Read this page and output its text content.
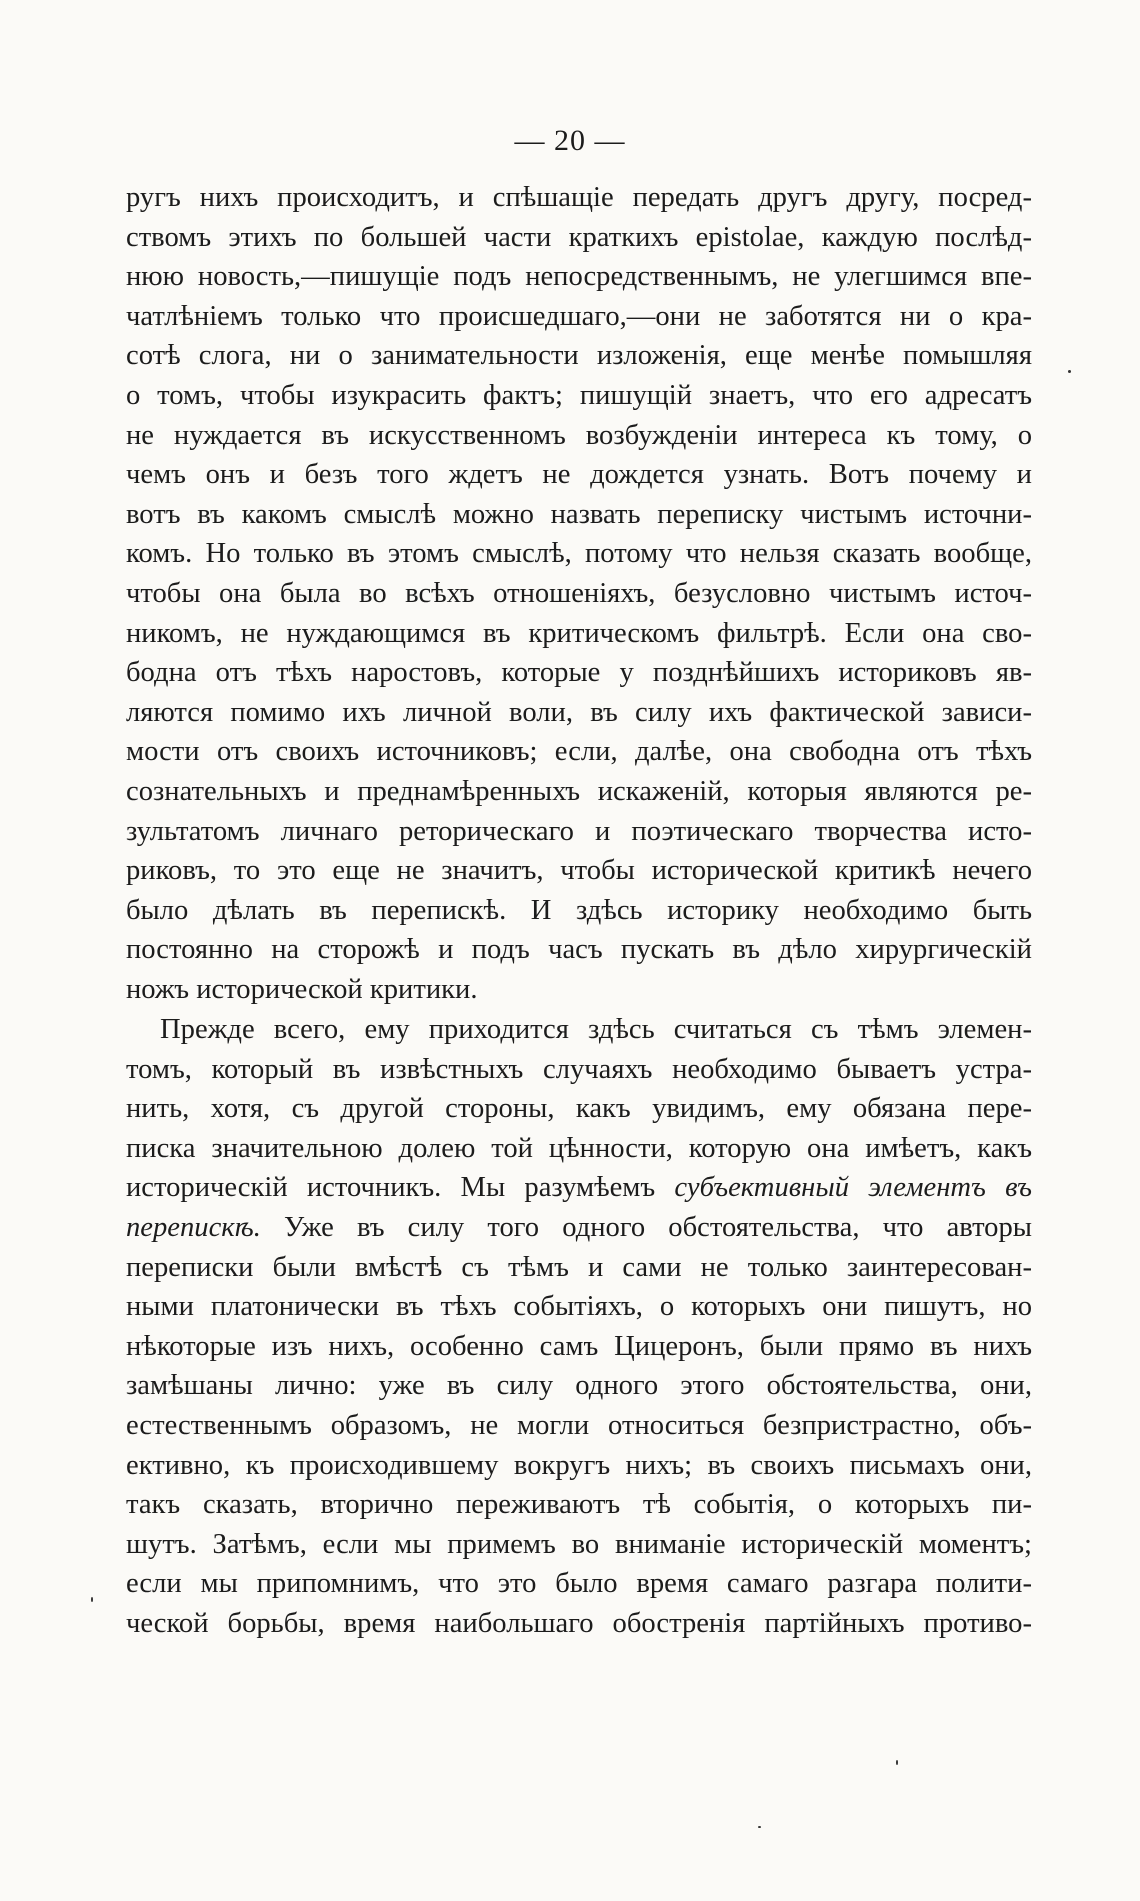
— 20 —
ругъ нихъ происходитъ, и спѣшащіе передать другъ другу, посред-
ствомъ этихъ по большей части краткихъ epistolae, каждую послѣд-
нюю новость,—пишущіе подъ непосредственнымъ, не улегшимся впе-
чатлѣніемъ только что происшедшаго,—они не заботятся ни о кра-
сотѣ слога, ни о занимательности изложенія, еще менѣе помышляя
о томъ, чтобы изукрасить фактъ; пишущій знаетъ, что его адресатъ
не нуждается въ искусственномъ возбужденіи интереса къ тому, о
чемъ онъ и безъ того ждетъ не дождется узнать. Вотъ почему и
вотъ въ какомъ смыслѣ можно назвать переписку чистымъ источни-
комъ. Но только въ этомъ смыслѣ, потому что нельзя сказать вообще,
чтобы она была во всѣхъ отношеніяхъ, безусловно чистымъ источ-
никомъ, не нуждающимся въ критическомъ фильтрѣ. Если она сво-
бодна отъ тѣхъ наростовъ, которые у позднѣйшихъ историковъ яв-
ляются помимо ихъ личной воли, въ силу ихъ фактической зависи-
мости отъ своихъ источниковъ; если, далѣе, она свободна отъ тѣхъ
сознательныхъ и преднамѣренныхъ искаженій, которыя являются ре-
зультатомъ личнаго реторическаго и поэтическаго творчества исто-
риковъ, то это еще не значитъ, чтобы исторической критикѣ нечего
было дѣлать въ перепискѣ. И здѣсь историку необходимо быть
постоянно на сторожѣ и подъ часъ пускать въ дѣло хирургическій
ножъ исторической критики.
Прежде всего, ему приходится здѣсь считаться съ тѣмъ элемен-
томъ, который въ извѣстныхъ случаяхъ необходимо бываетъ устра-
нить, хотя, съ другой стороны, какъ увидимъ, ему обязана пере-
писка значительною долею той цѣнности, которую она имѣетъ, какъ
историческій источникъ. Мы разумѣемъ субъективный элементъ въ
перепискѣ. Уже въ силу того одного обстоятельства, что авторы
переписки были вмѣстѣ съ тѣмъ и сами не только заинтересован-
ными платонически въ тѣхъ событіяхъ, о которыхъ они пишутъ, но
нѣкоторые изъ нихъ, особенно самъ Цицеронъ, были прямо въ нихъ
замѣшаны лично: уже въ силу одного этого обстоятельства, они,
естественнымъ образомъ, не могли относиться безпристрастно, объ-
ективно, къ происходившему вокругъ нихъ; въ своихъ письмахъ они,
такъ сказать, вторично переживаютъ тѣ событія, о которыхъ пи-
шутъ. Затѣмъ, если мы примемъ во вниманіе историческій моментъ;
если мы припомнимъ, что это было время самаго разгара полити-
ческой борьбы, время наибольшаго обостренія партійныхъ противо-
